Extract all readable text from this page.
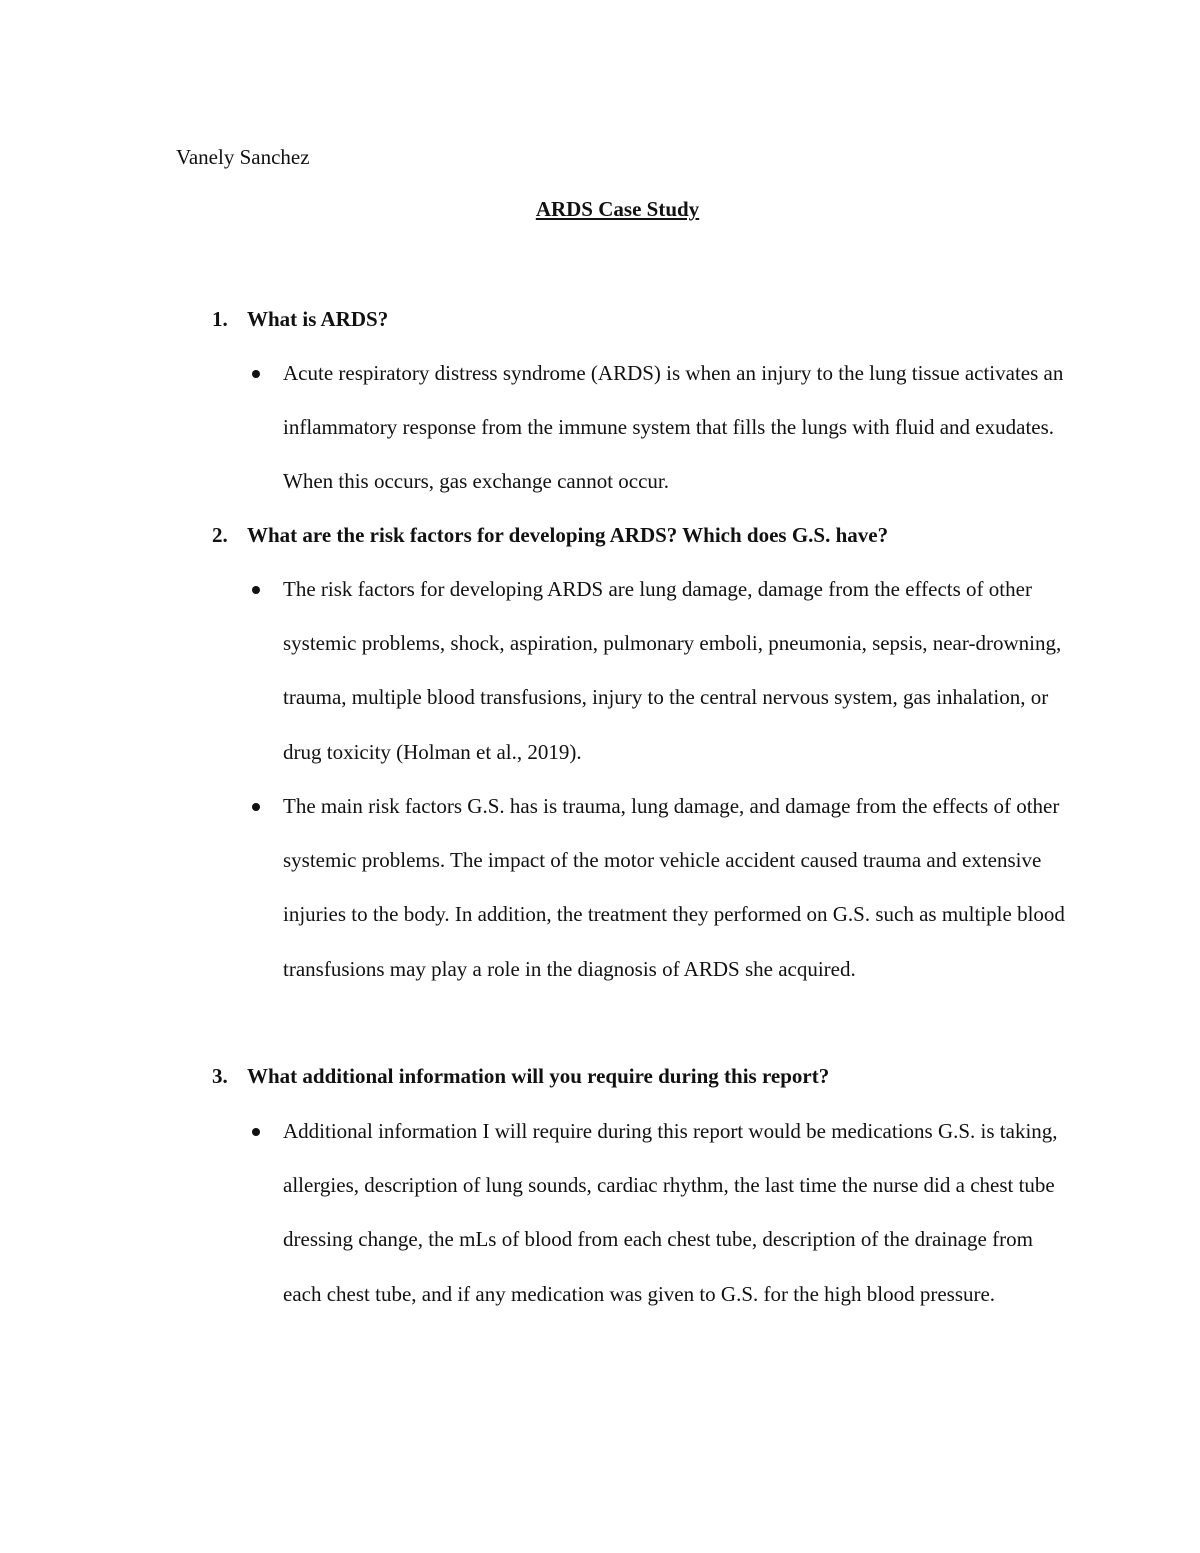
Vanely Sanchez
ARDS Case Study
1. What is ARDS?
Acute respiratory distress syndrome (ARDS) is when an injury to the lung tissue activates an inflammatory response from the immune system that fills the lungs with fluid and exudates. When this occurs, gas exchange cannot occur.
2. What are the risk factors for developing ARDS? Which does G.S. have?
The risk factors for developing ARDS are lung damage, damage from the effects of other systemic problems, shock, aspiration, pulmonary emboli, pneumonia, sepsis, near-drowning, trauma, multiple blood transfusions, injury to the central nervous system, gas inhalation, or drug toxicity (Holman et al., 2019).
The main risk factors G.S. has is trauma, lung damage, and damage from the effects of other systemic problems. The impact of the motor vehicle accident caused trauma and extensive injuries to the body. In addition, the treatment they performed on G.S. such as multiple blood transfusions may play a role in the diagnosis of ARDS she acquired.
3. What additional information will you require during this report?
Additional information I will require during this report would be medications G.S. is taking, allergies, description of lung sounds, cardiac rhythm, the last time the nurse did a chest tube dressing change, the mLs of blood from each chest tube, description of the drainage from each chest tube, and if any medication was given to G.S. for the high blood pressure.
